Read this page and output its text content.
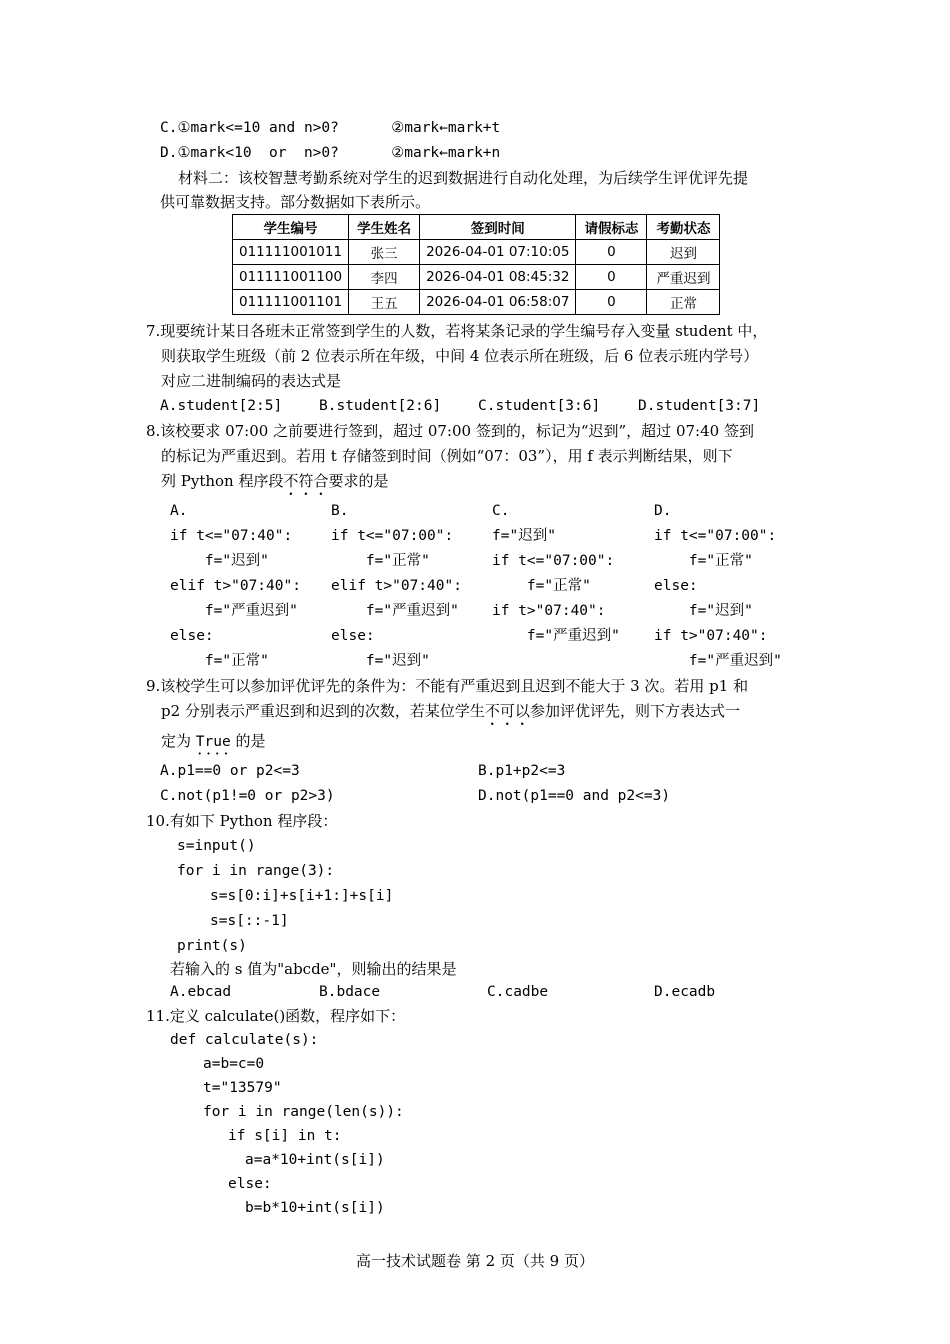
C.①mark<=10 and n>0?      ②mark←mark+t
D.①mark<10  or  n>0?      ②mark←mark+n
材料二：该校智慧考勤系统对学生的迟到数据进行自动化处理，为后续学生评优评先提
供可靠数据支持。部分数据如下表所示。
学生编号	学生姓名	签到时间	请假标志	考勤状态
011111001011	张三	2026-04-01 07:10:05	0	迟到
011111001100	李四	2026-04-01 08:45:32	0	严重迟到
011111001101	王五	2026-04-01 06:58:07	0	正常
7.现要统计某日各班未正常签到学生的人数，若将某条记录的学生编号存入变量 student 中，
则获取学生班级（前 2 位表示所在年级，中间 4 位表示所在班级，后 6 位表示班内学号）
对应二进制编码的表达式是
A.student[2:5]	B.student[2:6]	C.student[3:6]	D.student[3:7]
8.该校要求 07:00 之前要进行签到，超过 07:00 签到的，标记为“迟到”，超过 07:40 签到
的标记为严重迟到。若用 t 存储签到时间（例如“07：03”），用 f 表示判断结果，则下
列 Python 程序段不符合要求的是
A.
if t<="07:40":
f="迟到"
elif t>"07:40":
f="严重迟到"
else:
f="正常"
B.
if t<="07:00":
f="正常"
elif t>"07:40":
f="严重迟到"
else:
f="迟到"
C.
f="迟到"
if t<="07:00":
f="正常"
if t>"07:40":
f="严重迟到"
D.
if t<="07:00":
f="正常"
else:
f="迟到"
if t>"07:40":
f="严重迟到"
9.该校学生可以参加评优评先的条件为：不能有严重迟到且迟到不能大于 3 次。若用 p1 和
p2 分别表示严重迟到和迟到的次数，若某位学生不可以参加评优评先，则下方表达式一
定为 True 的是
A.p1==0 or p2<=3	B.p1+p2<=3
C.not(p1!=0 or p2>3)	D.not(p1==0 and p2<=3)
10.有如下 Python 程序段：
s=input()
for i in range(3):
s=s[0:i]+s[i+1:]+s[i]
s=s[::-1]
print(s)
若输入的 s 值为"abcde"，则输出的结果是
A.ebcad	B.bdace	C.cadbe	D.ecadb
11.定义 calculate()函数，程序如下：
def calculate(s):
a=b=c=0
t="13579"
for i in range(len(s)):
if s[i] in t:
a=a*10+int(s[i])
else:
b=b*10+int(s[i])
高一技术试题卷 第 2 页（共 9 页）
